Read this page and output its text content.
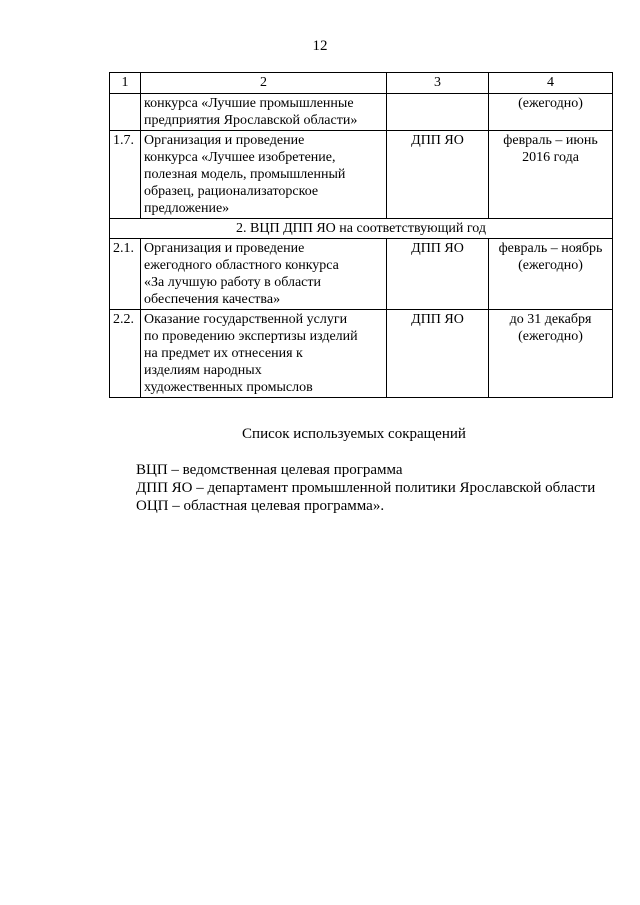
12
1	2	3	4

	конкурса «Лучшие промышленные
предприятия Ярославской области»		(ежегодно)

1.7.	Организация и проведение
конкурса «Лучшее изобретение,
полезная модель, промышленный
образец, рационализаторское
предложение»	ДПП ЯО	февраль – июнь
2016 года

2. ВЦП ДПП ЯО на соответствующий год			
2.1.	Организация и проведение
ежегодного областного конкурса
«За лучшую работу в области
обеспечения качества»	ДПП ЯО	февраль – ноябрь
(ежегодно)

2.2.	Оказание государственной услуги
по проведению экспертизы изделий
на предмет их отнесения к
изделиям народных
художественных промыслов	ДПП ЯО	до 31 декабря
(ежегодно)
Список используемых сокращений
ВЦП – ведомственная целевая программа
ДПП ЯО – департамент промышленной политики Ярославской области
ОЦП – областная целевая программа».
